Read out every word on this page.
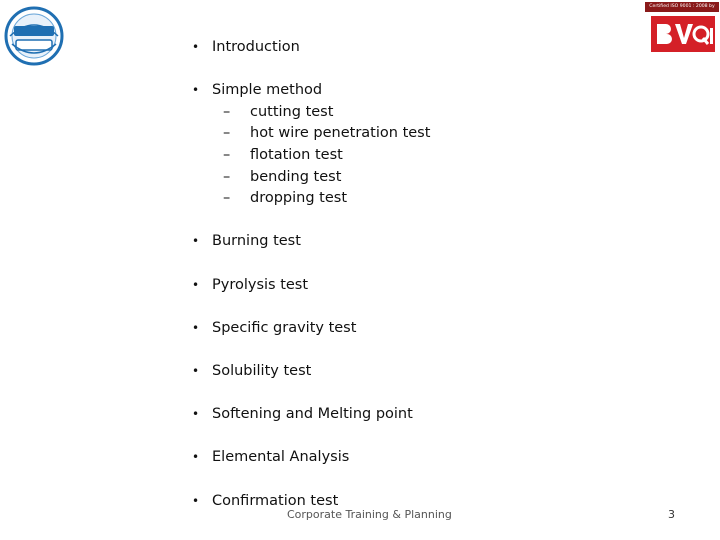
Certified ISO 9001 : 2008 by
• Introduction
• Simple method
– cutting test
– hot wire penetration test
– flotation test
– bending test
– dropping test
• Burning test
• Pyrolysis test
• Specific gravity test
• Solubility test
• Softening and Melting point
• Elemental Analysis
• Confirmation test
Corporate Training & Planning	3
